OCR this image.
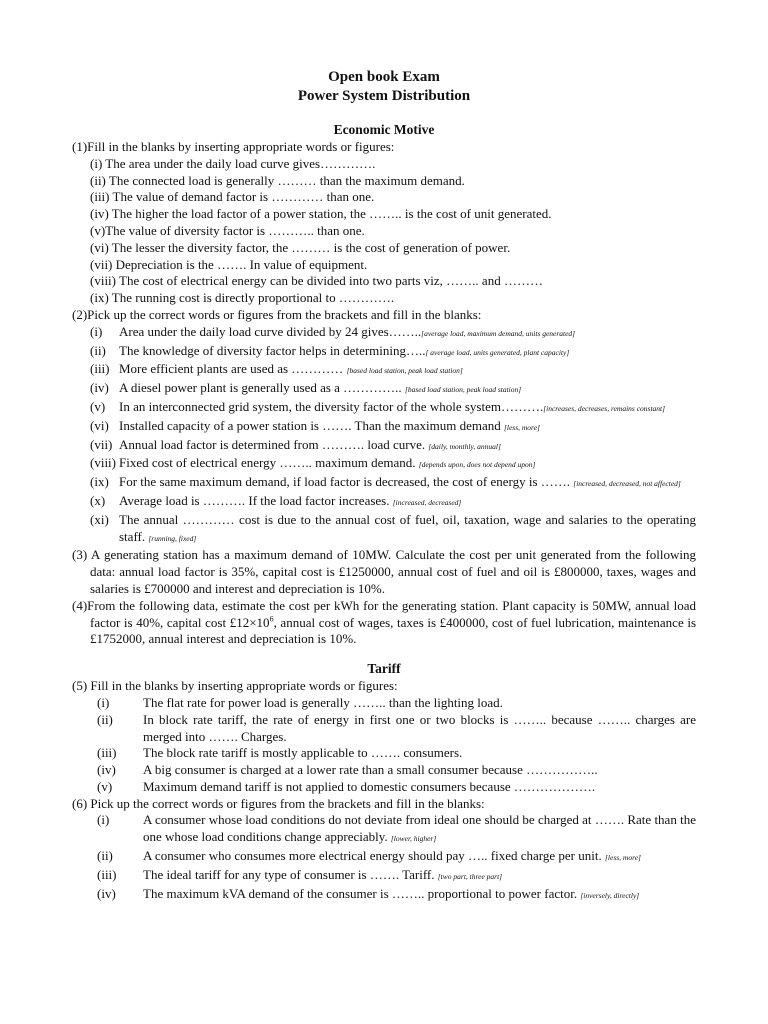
Open book Exam
Power System Distribution
Economic Motive
(1)Fill in the blanks by inserting appropriate words or figures:
(i) The area under the daily load curve gives………….
(ii) The connected load is generally ……… than the maximum demand.
(iii) The value of demand factor is ………… than one.
(iv) The higher the load factor of a power station, the …….. is the cost of unit generated.
(v)The value of diversity factor is ……….. than one.
(vi) The lesser the diversity factor, the ……… is the cost of generation of power.
(vii) Depreciation is the ……. In value of equipment.
(viii) The cost of electrical energy can be divided into two parts viz, …….. and ………
(ix) The running cost is directly proportional to ………….
(2)Pick up the correct words or figures from the brackets and fill in the blanks:
(i) Area under the daily load curve divided by 24 gives……..[average load, maximum demand, units generated]
(ii) The knowledge of diversity factor helps in determining…..[ average load, units generated, plant capacity]
(iii) More efficient plants are used as ………… [based load station, peak load station]
(iv) A diesel power plant is generally used as a ………….. [based load station, peak load station]
(v) In an interconnected grid system, the diversity factor of the whole system……….[increases, decreases, remains constant]
(vi) Installed capacity of a power station is ……. Than the maximum demand [less, more]
(vii) Annual load factor is determined from ………. load curve. [daily, monthly, annual]
(viii) Fixed cost of electrical energy …….. maximum demand. [depends upon, does not depend upon]
(ix) For the same maximum demand, if load factor is decreased, the cost of energy is ……. [increased, decreased, not affected]
(x) Average load is ………. If the load factor increases. [increased, decreased]
(xi) The annual ………… cost is due to the annual cost of fuel, oil, taxation, wage and salaries to the operating staff. [running, fixed]
(3) A generating station has a maximum demand of 10MW. Calculate the cost per unit generated from the following data: annual load factor is 35%, capital cost is £1250000, annual cost of fuel and oil is £800000, taxes, wages and salaries is £700000 and interest and depreciation is 10%.
(4)From the following data, estimate the cost per kWh for the generating station. Plant capacity is 50MW, annual load factor is 40%, capital cost $£12\times 10^6$, annual cost of wages, taxes is £400000, cost of fuel lubrication, maintenance is £1752000, annual interest and depreciation is 10%.
Tariff
(5) Fill in the blanks by inserting appropriate words or figures:
(i)	The flat rate for power load is generally …….. than the lighting load.
(ii) In block rate tariff, the rate of energy in first one or two blocks is …….. because …….. charges are merged into ……. Charges.
(iii) The block rate tariff is mostly applicable to ……. consumers.
(iv) A big consumer is charged at a lower rate than a small consumer because ……………..
(v) Maximum demand tariff is not applied to domestic consumers because ……………….
(6) Pick up the correct words or figures from the brackets and fill in the blanks:
(i)	A consumer whose load conditions do not deviate from ideal one should be charged at ……. Rate than the one whose load conditions change appreciably. [lower, higher]
(ii) A consumer who consumes more electrical energy should pay ….. fixed charge per unit. [less, more]
(iii) The ideal tariff for any type of consumer is ……. Tariff. [two part, three part]
(iv) The maximum kVA demand of the consumer is …….. proportional to power factor. [inversely, directly]
